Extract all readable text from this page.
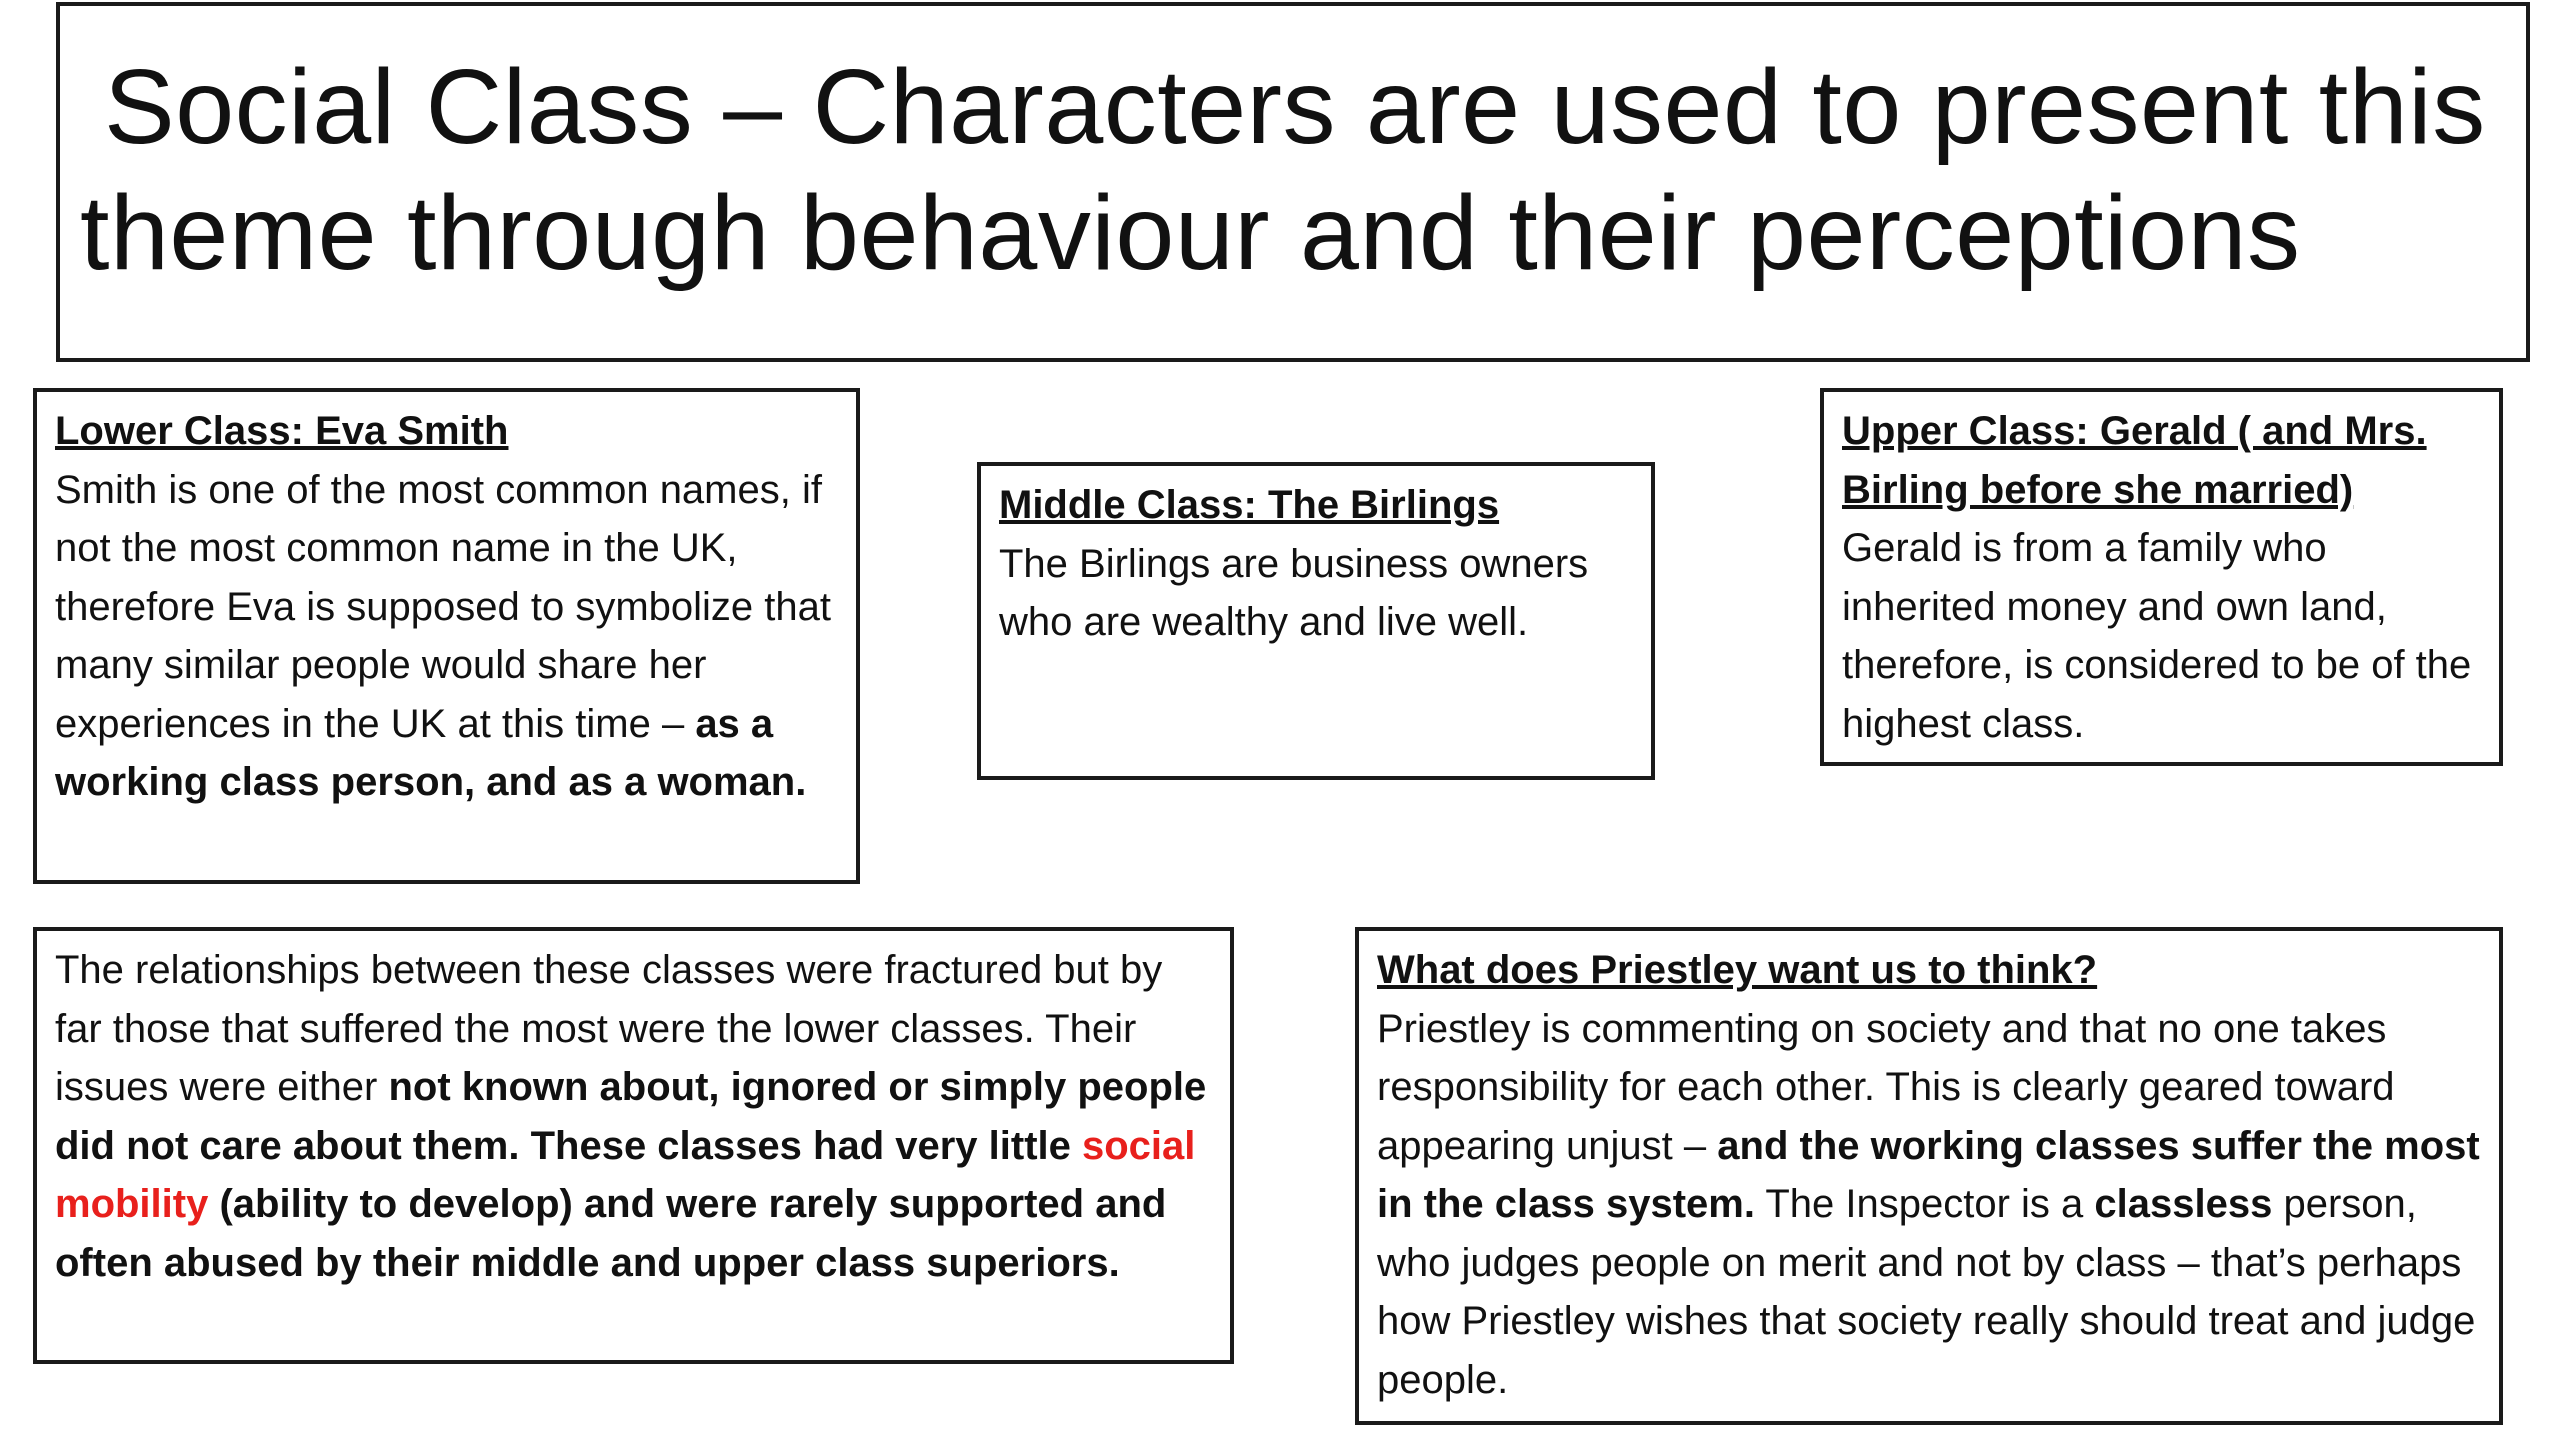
Social Class – Characters are used to present this
theme through behaviour and their perceptions
Lower Class: Eva Smith
Smith is one of the most common names, if not the most common name in the UK, therefore Eva is supposed to symbolize that many similar people would share her experiences in the UK at this time – as a working class person, and as a woman.
Middle Class: The Birlings
The Birlings are business owners who are wealthy and live well.
Upper Class: Gerald ( and Mrs. Birling before she married)
Gerald is from a family who inherited money and own land, therefore, is considered to be of the highest class.
The relationships between these classes were fractured but by far those that suffered the most were the lower classes. Their issues were either not known about, ignored or simply people did not care about them. These classes had very little social mobility (ability to develop) and were rarely supported and often abused by their middle and upper class superiors.
What does Priestley want us to think?
Priestley is commenting on society and that no one takes responsibility for each other. This is clearly geared toward appearing unjust – and the working classes suffer the most in the class system. The Inspector is a classless person, who judges people on merit and not by class – that’s perhaps how Priestley wishes that society really should treat and judge people.
